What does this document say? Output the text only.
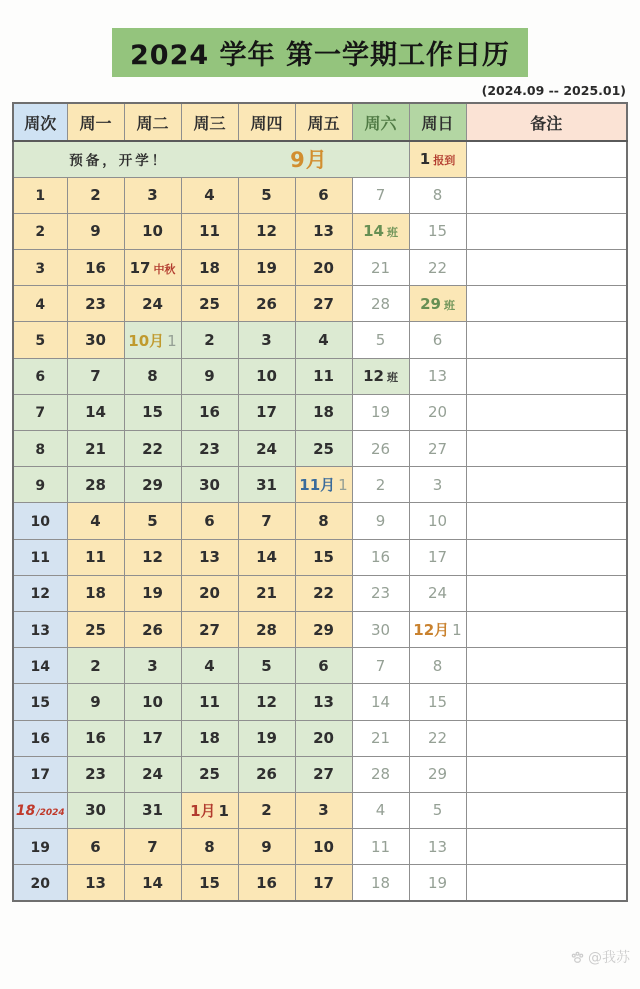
2024 学年 第一学期工作日历
(2024.09 -- 2025.01)
周次	周一	周二	周三	周四	周五	周六	周日	备注

预备，开学！ 9月							1 报到	
1	2	3	4	5	6	7	8	
2	9	10	11	12	13	14 班	15	
3	16	17 中秋	18	19	20	21	22	
4	23	24	25	26	27	28	29 班	
5	30	10月 1	2	3	4	5	6	
6	7	8	9	10	11	12 班	13	
7	14	15	16	17	18	19	20	
8	21	22	23	24	25	26	27	
9	28	29	30	31	11月 1	2	3	
10	4	5	6	7	8	9	10	
11	11	12	13	14	15	16	17	
12	18	19	20	21	22	23	24	
13	25	26	27	28	29	30	12月 1	
14	2	3	4	5	6	7	8	
15	9	10	11	12	13	14	15	
16	16	17	18	19	20	21	22	
17	23	24	25	26	27	28	29	
18/2024	30	31	1月 1	2	3	4	5	
19	6	7	8	9	10	11	13	
20	13	14	15	16	17	18	19	
@我苏
